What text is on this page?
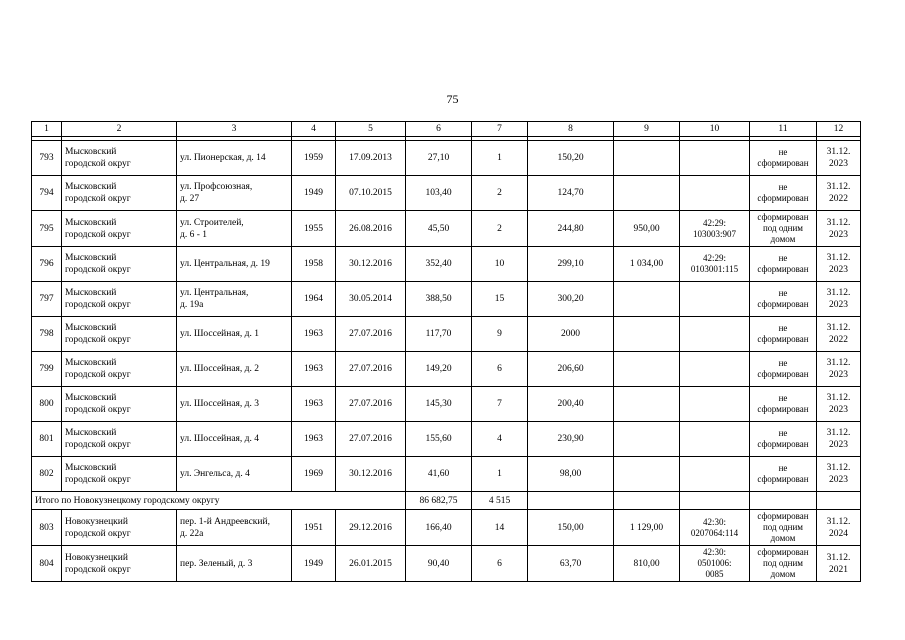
75
1	2	3	4	5	6	7	8	9	10	11	12

793	Мысковский
городской округ	ул. Пионерская, д. 14	1959	17.09.2013	27,10	1	150,20			не
сформирован	31.12.
2023
794	Мысковский
городской округ	ул. Профсоюзная,
д. 27	1949	07.10.2015	103,40	2	124,70			не
сформирован	31.12.
2022
795	Мысковский
городской округ	ул. Строителей,
д. 6 - 1	1955	26.08.2016	45,50	2	244,80	950,00	42:29:
103003:907	сформирован
под одним
домом	31.12.
2023
796	Мысковский
городской округ	ул. Центральная, д. 19	1958	30.12.2016	352,40	10	299,10	1 034,00	42:29:
0103001:115	не
сформирован	31.12.
2023
797	Мысковский
городской округ	ул. Центральная,
д. 19а	1964	30.05.2014	388,50	15	300,20			не
сформирован	31.12.
2023
798	Мысковский
городской округ	ул. Шоссейная, д. 1	1963	27.07.2016	117,70	9	2000			не
сформирован	31.12.
2022
799	Мысковский
городской округ	ул. Шоссейная, д. 2	1963	27.07.2016	149,20	6	206,60			не
сформирован	31.12.
2023
800	Мысковский
городской округ	ул. Шоссейная, д. 3	1963	27.07.2016	145,30	7	200,40			не
сформирован	31.12.
2023
801	Мысковский
городской округ	ул. Шоссейная, д. 4	1963	27.07.2016	155,60	4	230,90			не
сформирован	31.12.
2023
802	Мысковский
городской округ	ул. Энгельса, д. 4	1969	30.12.2016	41,60	1	98,00			не
сформирован	31.12.
2023
Итого по Новокузнецкому городскому округу					86 682,75	4 515					
803	Новокузнецкий
городской округ	пер. 1-й Андреевский,
д. 22а	1951	29.12.2016	166,40	14	150,00	1 129,00	42:30:
0207064:114	сформирован
под одним
домом	31.12.
2024
804	Новокузнецкий
городской округ	пер. Зеленый, д. 3	1949	26.01.2015	90,40	6	63,70	810,00	42:30:
0501006:
0085	сформирован
под одним
домом	31.12.
2021
